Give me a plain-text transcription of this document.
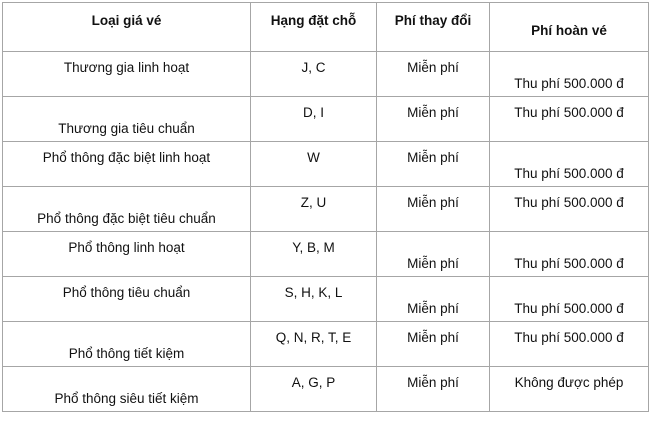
Loại giá vé	Hạng đặt chỗ	Phí thay đổi	Phí hoàn vé

Thương gia linh hoạt	J, C	Miễn phí	Thu phí 500.000 đ

Thương gia tiêu chuẩn	D, I	Miễn phí	Thu phí 500.000 đ

Phổ thông đặc biệt linh hoạt	W	Miễn phí	Thu phí 500.000 đ

Phổ thông đặc biệt tiêu chuẩn	Z, U	Miễn phí	Thu phí 500.000 đ

Phổ thông linh hoạt	Y, B, M	Miễn phí	Thu phí 500.000 đ

Phổ thông tiêu chuẩn	S, H, K, L	Miễn phí	Thu phí 500.000 đ

Phổ thông tiết kiệm	Q, N, R, T, E	Miễn phí	Thu phí 500.000 đ

Phổ thông siêu tiết kiệm	A, G, P	Miễn phí	Không được phép
